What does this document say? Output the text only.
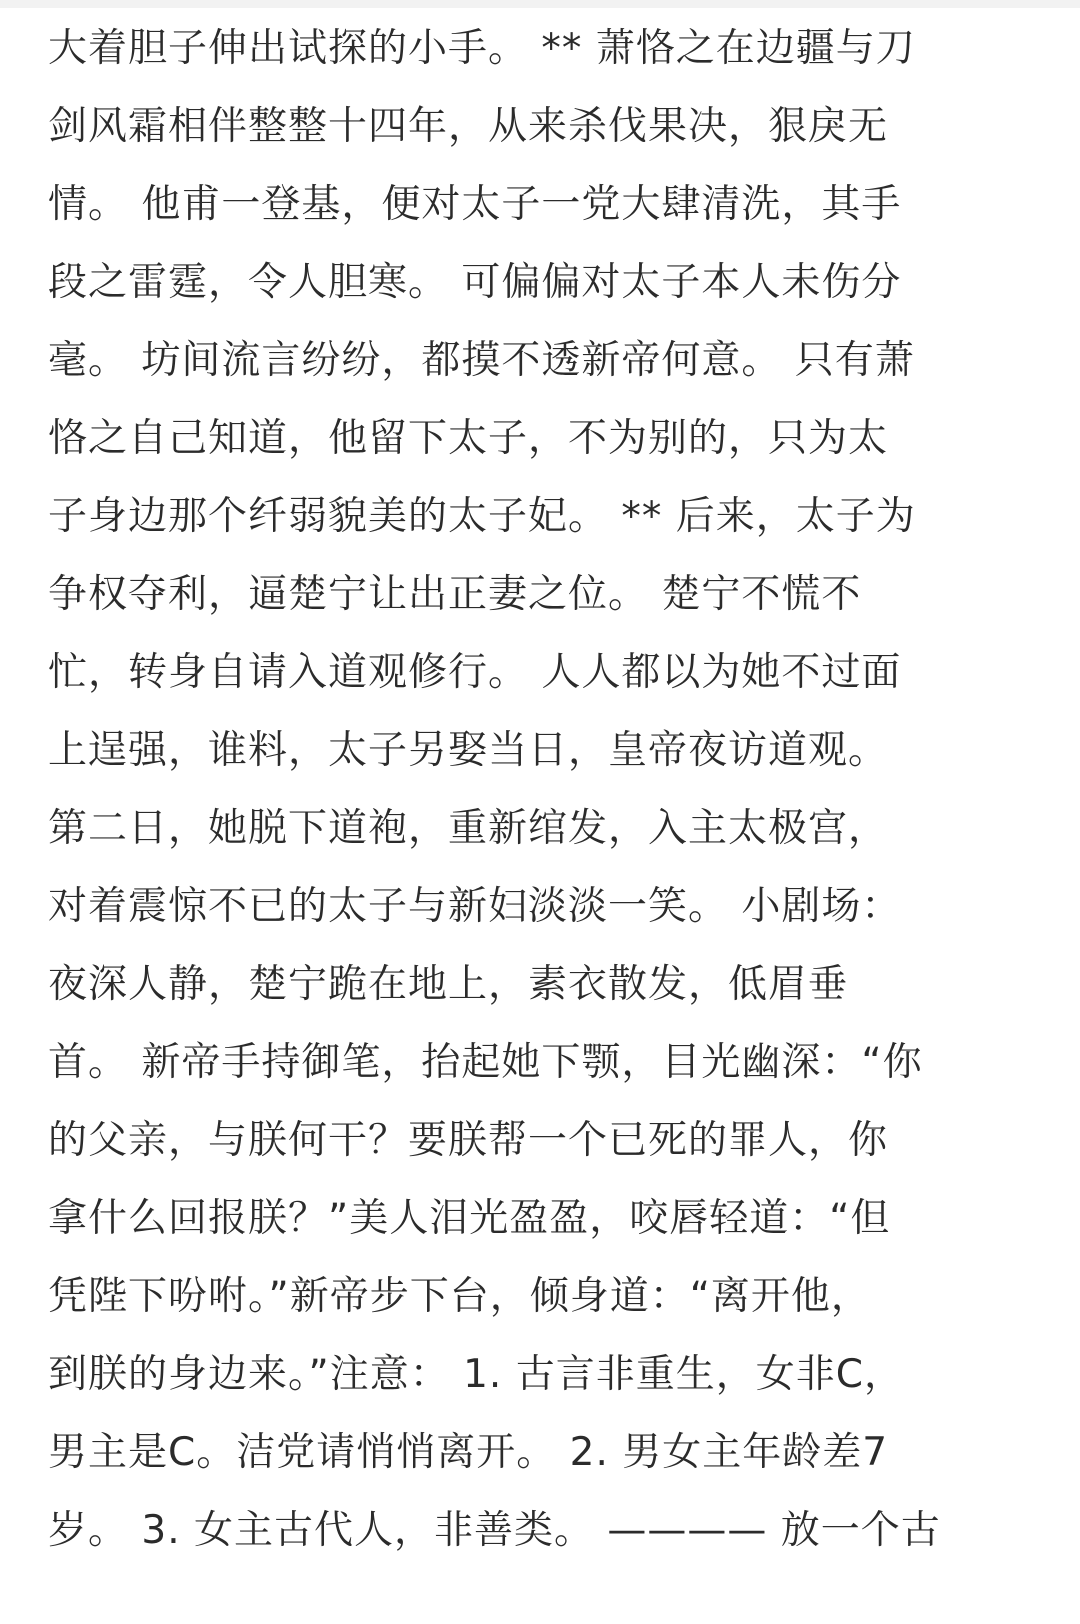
大着胆子伸出试探的小手。 ** 萧恪之在边疆与刀
剑风霜相伴整整十四年，从来杀伐果决，狠戾无
情。 他甫一登基，便对太子一党大肆清洗，其手
段之雷霆，令人胆寒。 可偏偏对太子本人未伤分
毫。 坊间流言纷纷，都摸不透新帝何意。 只有萧
恪之自己知道，他留下太子，不为别的，只为太
子身边那个纤弱貌美的太子妃。 ** 后来，太子为
争权夺利，逼楚宁让出正妻之位。 楚宁不慌不
忙，转身自请入道观修行。 人人都以为她不过面
上逞强，谁料，太子另娶当日，皇帝夜访道观。
第二日，她脱下道袍，重新绾发，入主太极宫，
对着震惊不已的太子与新妇淡淡一笑。 小剧场：
夜深人静，楚宁跪在地上，素衣散发，低眉垂
首。 新帝手持御笔，抬起她下颚，目光幽深：“你
的父亲，与朕何干？要朕帮一个已死的罪人，你
拿什么回报朕？”美人泪光盈盈，咬唇轻道：“但
凭陛下吩咐。”新帝步下台，倾身道：“离开他，
到朕的身边来。”注意： 1. 古言非重生，女非C，
男主是C。洁党请悄悄离开。 2. 男女主年龄差7
岁。 3. 女主古代人，非善类。 ———— 放一个古
